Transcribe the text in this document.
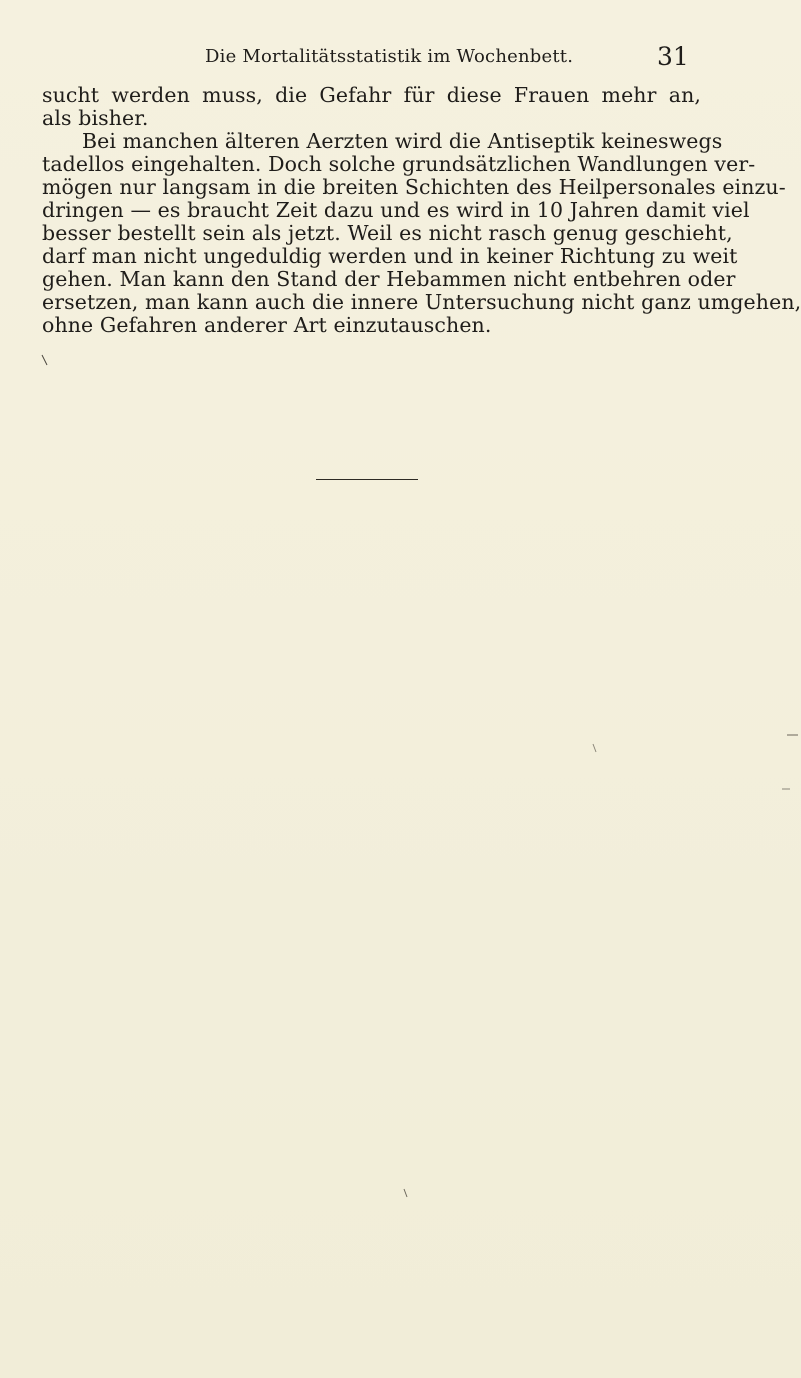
Die Mortalitätsstatistik im Wochenbett.	31
sucht werden muss, die Gefahr für diese Frauen mehr an,
als bisher.
Bei manchen älteren Aerzten wird die Antiseptik keineswegs
tadellos eingehalten. Doch solche grundsätzlichen Wandlungen ver-
mögen nur langsam in die breiten Schichten des Heilpersonales einzu-
dringen — es braucht Zeit dazu und es wird in 10 Jahren damit viel
besser bestellt sein als jetzt. Weil es nicht rasch genug geschieht,
darf man nicht ungeduldig werden und in keiner Richtung zu weit
gehen. Man kann den Stand der Hebammen nicht entbehren oder
ersetzen, man kann auch die innere Untersuchung nicht ganz umgehen,
ohne Gefahren anderer Art einzutauschen.
